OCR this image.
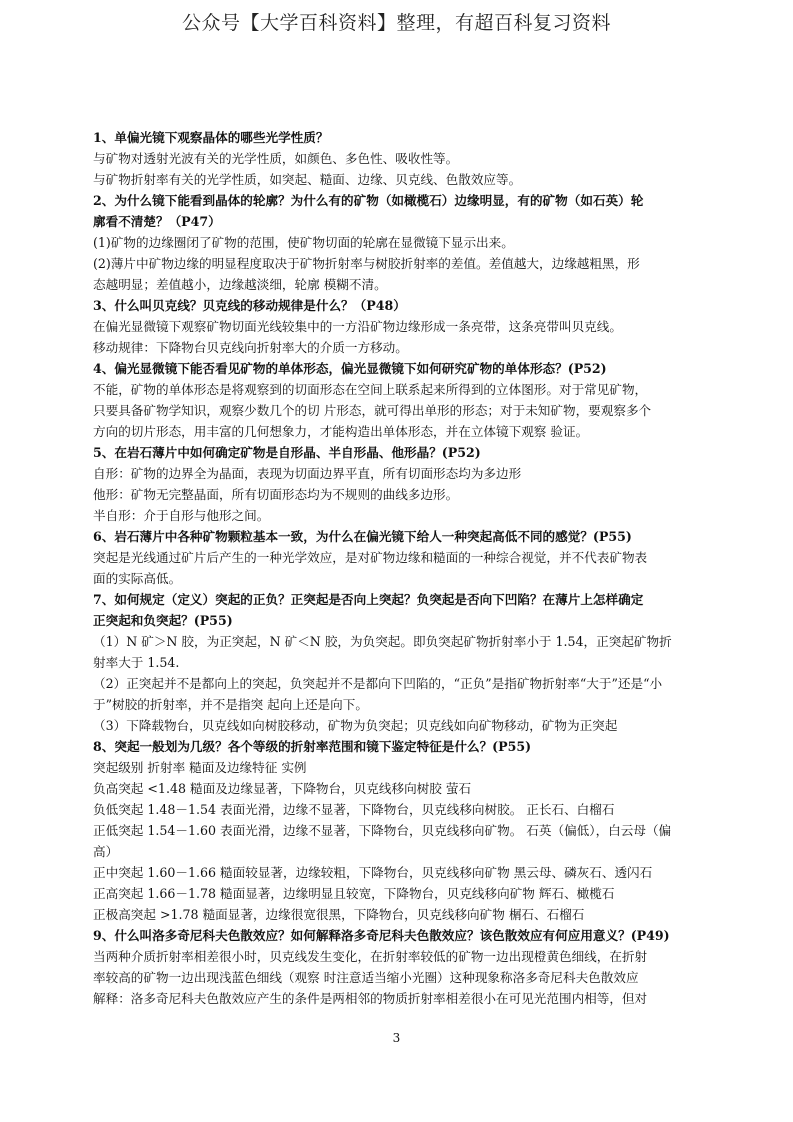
公众号【大学百科资料】整理，有超百科复习资料
1、单偏光镜下观察晶体的哪些光学性质？
与矿物对透射光波有关的光学性质，如颜色、多色性、吸收性等。
与矿物折射率有关的光学性质，如突起、糙面、边缘、贝克线、色散效应等。
2、为什么镜下能看到晶体的轮廓？为什么有的矿物（如橄榄石）边缘明显，有的矿物（如石英）轮
廓看不清楚？（P47）
(1)矿物的边缘圈闭了矿物的范围，使矿物切面的轮廓在显微镜下显示出来。
(2)薄片中矿物边缘的明显程度取决于矿物折射率与树胶折射率的差值。差值越大，边缘越粗黑，形
态越明显；差值越小，边缘越淡细，轮廓 模糊不清。
3、什么叫贝克线？贝克线的移动规律是什么？（P48）
在偏光显微镜下观察矿物切面光线较集中的一方沿矿物边缘形成一条亮带，这条亮带叫贝克线。
移动规律：下降物台贝克线向折射率大的介质一方移动。
4、偏光显微镜下能否看见矿物的单体形态，偏光显微镜下如何研究矿物的单体形态？(P52)
不能，矿物的单体形态是将观察到的切面形态在空间上联系起来所得到的立体图形。对于常见矿物，
只要具备矿物学知识，观察少数几个的切 片形态，就可得出单形的形态；对于未知矿物，要观察多个
方向的切片形态，用丰富的几何想象力，才能构造出单体形态，并在立体镜下观察 验证。
5、在岩石薄片中如何确定矿物是自形晶、半自形晶、他形晶？(P52)
自形：矿物的边界全为晶面，表现为切面边界平直，所有切面形态均为多边形
他形：矿物无完整晶面，所有切面形态均为不规则的曲线多边形。
半自形：介于自形与他形之间。
6、岩石薄片中各种矿物颗粒基本一致，为什么在偏光镜下给人一种突起高低不同的感觉？(P55)
突起是光线通过矿片后产生的一种光学效应，是对矿物边缘和糙面的一种综合视觉，并不代表矿物表
面的实际高低。
7、如何规定（定义）突起的正负？正突起是否向上突起？负突起是否向下凹陷？在薄片上怎样确定
正突起和负突起？(P55)
（1）N 矿＞N 胶，为正突起，N 矿＜N 胶，为负突起。即负突起矿物折射率小于 1.54，正突起矿物折
射率大于 1.54.
（2）正突起并不是都向上的突起，负突起并不是都向下凹陷的，“正负”是指矿物折射率“大于”还是“小
于”树胶的折射率，并不是指突 起向上还是向下。
（3）下降载物台，贝克线如向树胶移动，矿物为负突起；贝克线如向矿物移动，矿物为正突起
8、突起一般划为几级？各个等级的折射率范围和镜下鉴定特征是什么？(P55)
突起级别 折射率 糙面及边缘特征 实例
负高突起 <1.48 糙面及边缘显著，下降物台，贝克线移向树胶 萤石
负低突起 1.48－1.54 表面光滑，边缘不显著，下降物台，贝克线移向树胶。 正长石、白榴石
正低突起 1.54－1.60 表面光滑，边缘不显著，下降物台，贝克线移向矿物。 石英（偏低），白云母（偏
高）
正中突起 1.60－1.66 糙面较显著，边缘较粗，下降物台，贝克线移向矿物 黑云母、磷灰石、透闪石
正高突起 1.66－1.78 糙面显著，边缘明显且较宽，下降物台，贝克线移向矿物 辉石、橄榄石
正极高突起 >1.78 糙面显著，边缘很宽很黑，下降物台，贝克线移向矿物 榍石、石榴石
9、什么叫洛多奇尼科夫色散效应？如何解释洛多奇尼科夫色散效应？该色散效应有何应用意义？(P49)
当两种介质折射率相差很小时，贝克线发生变化，在折射率较低的矿物一边出现橙黄色细线，在折射
率较高的矿物一边出现浅蓝色细线（观察 时注意适当缩小光圈）这种现象称洛多奇尼科夫色散效应
解释：洛多奇尼科夫色散效应产生的条件是两相邻的物质折射率相差很小在可见光范围内相等，但对
3
